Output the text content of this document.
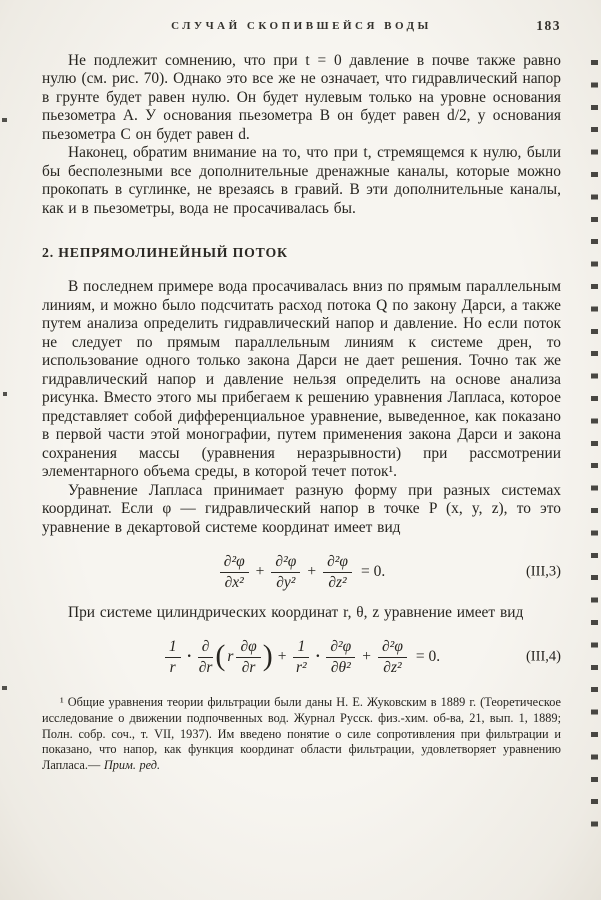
СЛУЧАЙ СКОПИВШЕЙСЯ ВОДЫ	183

Не подлежит сомнению, что при t = 0 давление в почве также равно нулю (см. рис. 70). Однако это все же не означает, что гидравлический напор в грунте будет равен нулю. Он будет нулевым только на уровне основания пьезометра A. У основания пьезометра B он будет равен d/2, у основания пьезометра C он будет равен d.

Наконец, обратим внимание на то, что при t, стремящемся к нулю, были бы бесполезными все дополнительные дренажные каналы, которые можно прокопать в суглинке, не врезаясь в гравий. В эти дополнительные каналы, как и в пьезометры, вода не просачивалась бы.

2. НЕПРЯМОЛИНЕЙНЫЙ ПОТОК

В последнем примере вода просачивалась вниз по прямым параллельным линиям, и можно было подсчитать расход потока Q по закону Дарси, а также путем анализа определить гидравлический напор и давление. Но если поток не следует по прямым параллельным линиям к системе дрен, то использование одного только закона Дарси не дает решения. Точно так же гидравлический напор и давление нельзя определить на основе анализа рисунка. Вместо этого мы прибегаем к решению уравнения Лапласа, которое представляет собой дифференциальное уравнение, выведенное, как показано в первой части этой монографии, путем применения закона Дарси и закона сохранения массы (уравнения неразрывности) при рассмотрении элементарного объема среды, в которой течет поток¹.

Уравнение Лапласа принимает разную форму при разных системах координат. Если φ — гидравлический напор в точке P (x, y, z), то это уравнение в декартовой системе координат имеет вид

$\frac{\text{∂²φ}}{\text{∂x²}} + \frac{\text{∂²φ}}{\text{∂y²}} + \frac{\text{∂²φ}}{\text{∂z²}} = 0$.	(III,3)

При системе цилиндрических координат r, θ, z уравнение имеет вид

$\frac{1}{r} \cdot \frac{\partial}{\partial r}$ ( r $\frac{\partial\varphi}{\partial r}$ ) + $\frac{1}{\text{r²}} \cdot \frac{\text{∂²φ}}{\text{∂θ²}} + \frac{\text{∂²φ}}{\text{∂z²}} = 0$.	(III,4)
¹ Общие уравнения теории фильтрации были даны Н. Е. Жуковским в 1889 г. (Теоретическое исследование о движении подпочвенных вод. Журнал Русск. физ.-хим. об-ва, 21, вып. 1, 1889; Полн. собр. соч., т. VII, 1937). Им введено понятие о силе сопротивления при фильтрации и показано, что напор, как функция координат области фильтрации, удовлетворяет уравнению Лапласа.— Прим. ред.
